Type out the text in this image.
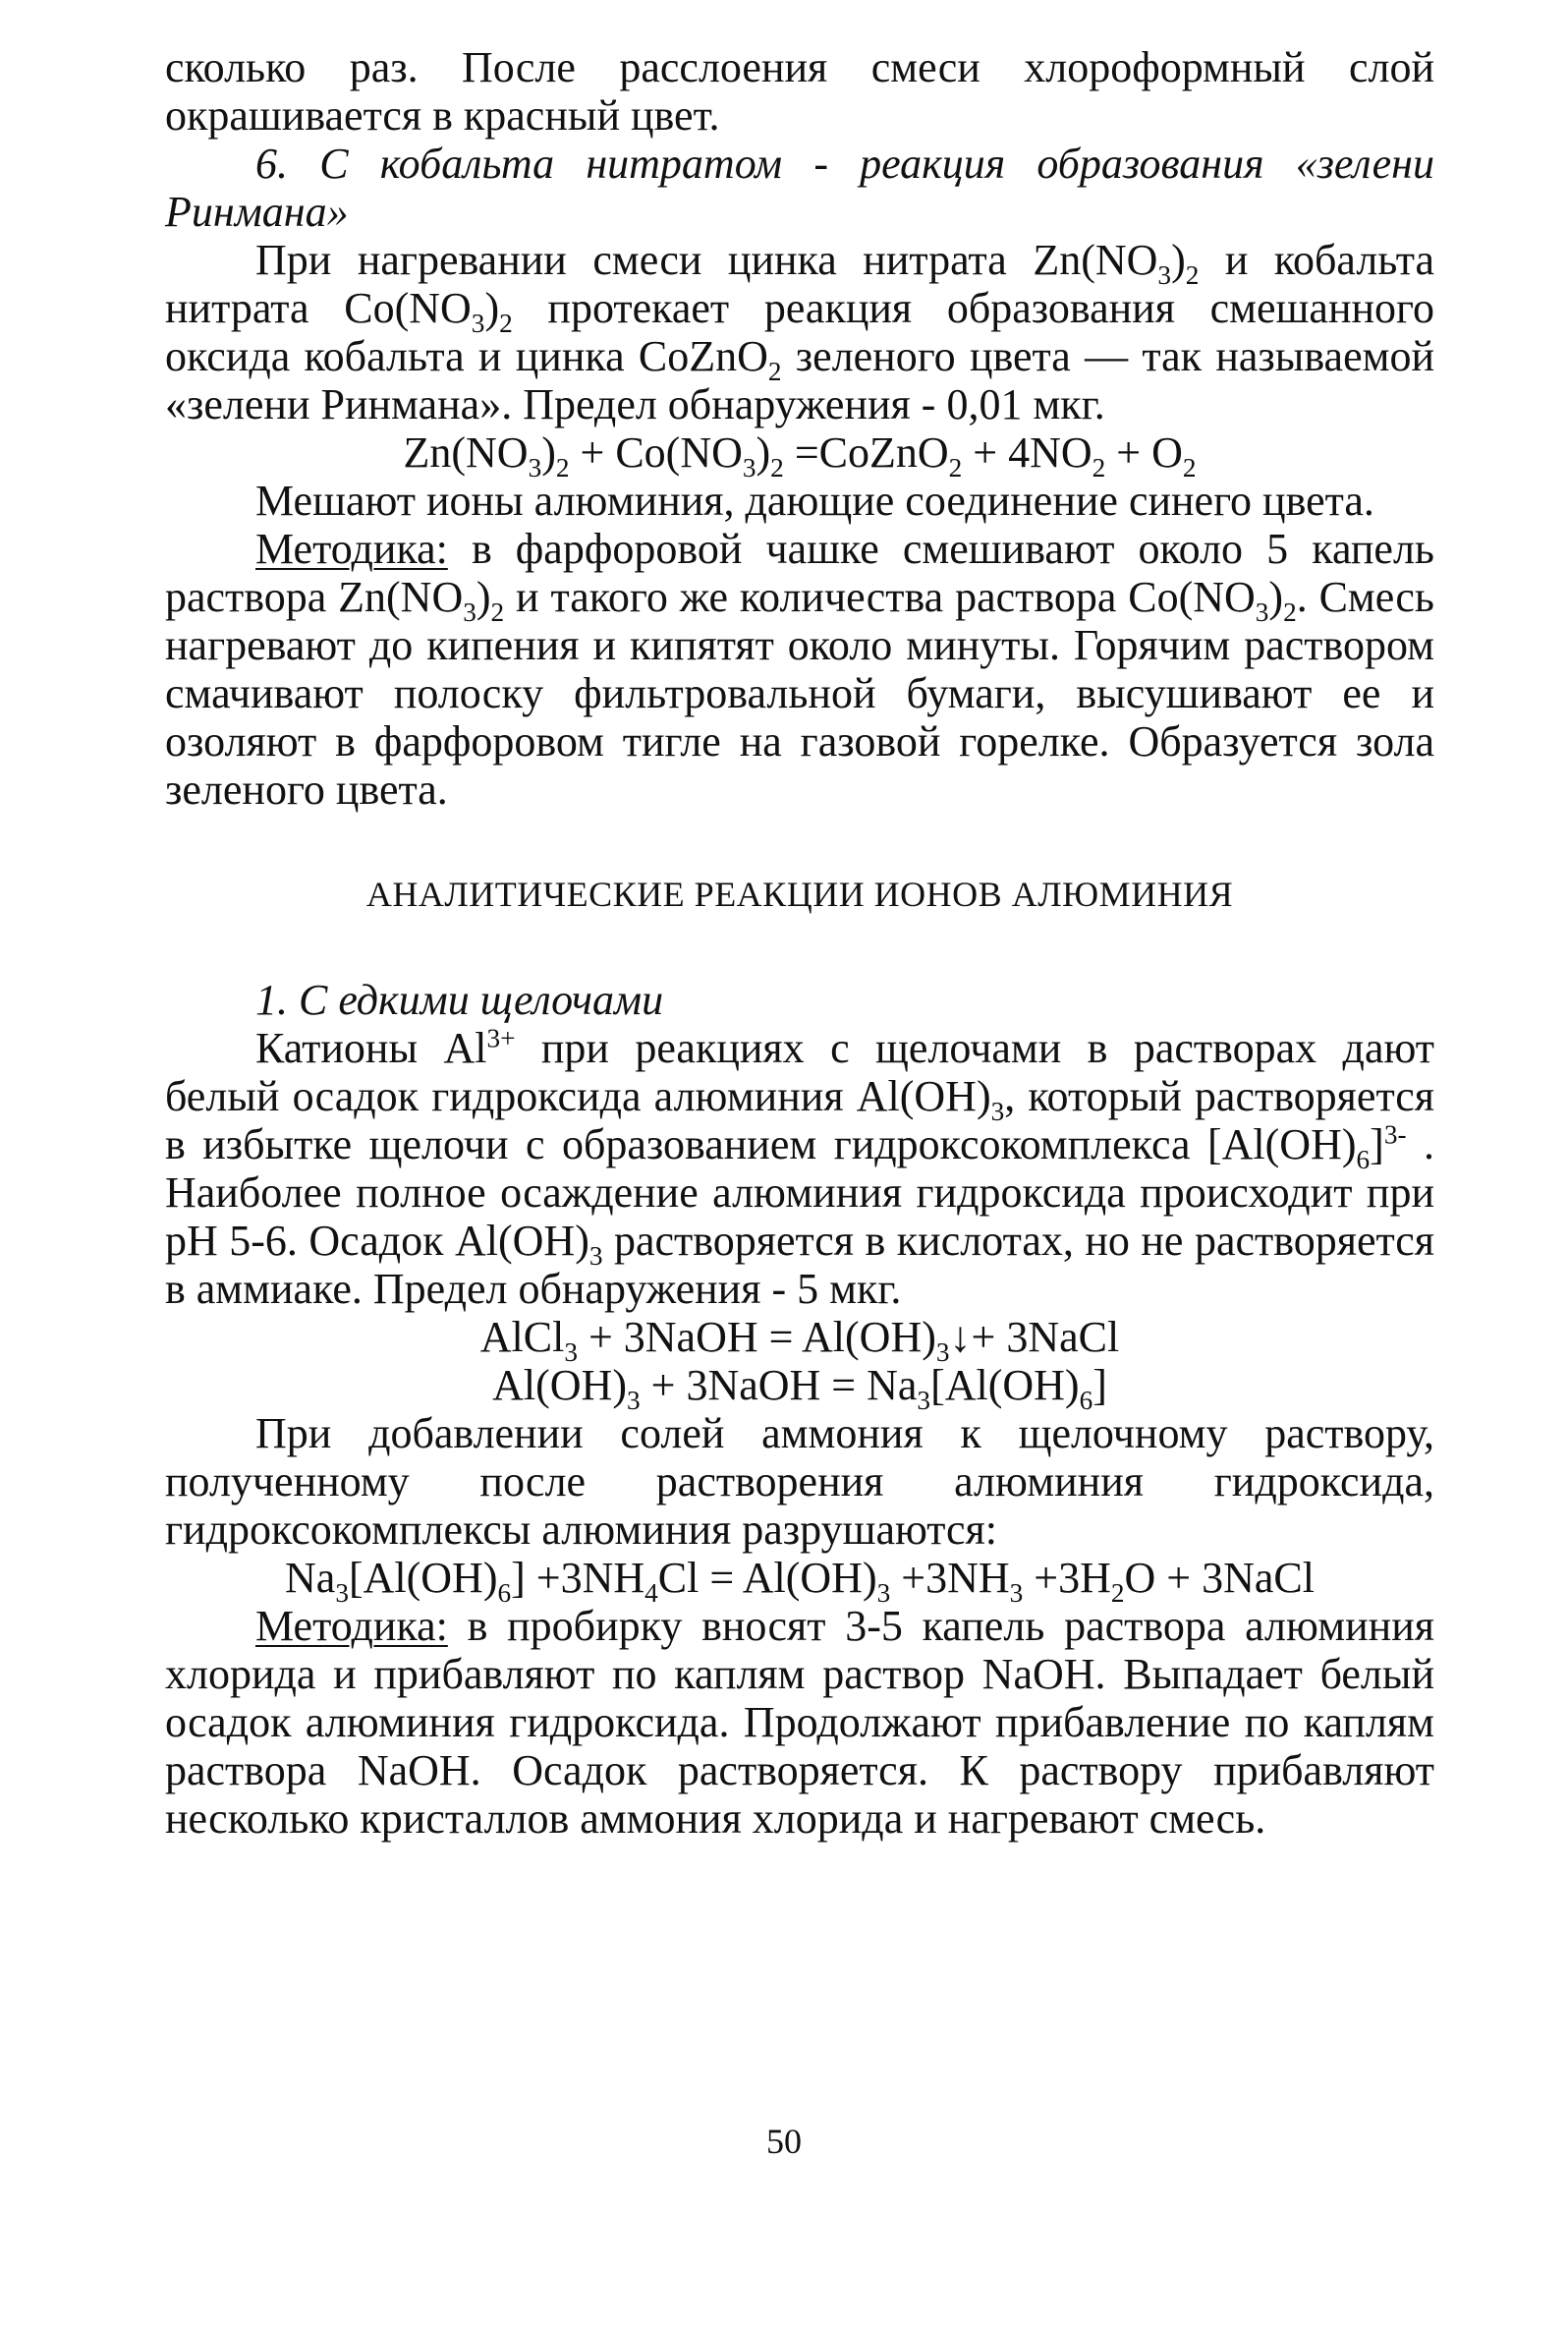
сколько раз. После расслоения смеси хлороформный слой окрашивается в красный цвет.

6. С кобальта нитратом - реакция образования «зелени Ринмана»

При нагревании смеси цинка нитрата $Zn(NO_3)_2$ и кобальта нитрата $Co(NO_3)_2$ протекает реакция образования смешанного оксида кобальта и цинка CoZnO$_2$ зеленого цвета — так называемой «зелени Ринмана». Предел обнаружения - 0,01 мкг.

$Zn(NO_3)_2 + Co(NO_3)_2$ =CoZnO$_2$ + $4NO_2 + O_2$

Мешают ионы алюминия, дающие соединение синего цвета.

Методика: в фарфоровой чашке смешивают около 5 капель раствора $Zn(NO_3)_2$ и такого же количества раствора $Co(NO_3)_2$. Смесь нагревают до кипения и кипятят около минуты. Горячим раствором смачивают полоску фильтровальной бумаги, высушивают ее и озоляют в фарфоровом тигле на газовой горелке. Образуется зола зеленого цвета.

АНАЛИТИЧЕСКИЕ РЕАКЦИИ ИОНОВ АЛЮМИНИЯ

1. С едкими щелочами

Катионы $Al^{3+}$ при реакциях с щелочами в растворах дают белый осадок гидроксида алюминия $Al(OH)_3$, который растворяется в избытке щелочи с образованием гидроксокомплекса $[Al(OH)_6]^{3-}$ . Наиболее полное осаждение алюминия гидроксида происходит при pH 5-6. Осадок $Al(OH)_3$ растворяется в кислотах, но не растворяется в аммиаке. Предел обнаружения - 5 мкг.

AlCl$_3$ + 3NaOH = $Al(OH)_3↓+$ 3NaCl

$Al(OH)_3$ + 3NaOH = $Na_3[Al(OH)_6]$

При добавлении солей аммония к щелочному раствору, полученному после растворения алюминия гидроксида, гидроксокомплексы алюминия разрушаются:

$Na_3[Al(OH)_6] +3NH_4Cl = Al(OH)_3 +3NH_3 +3H_2O$ + 3NaCl

Методика: в пробирку вносят 3-5 капель раствора алюминия хлорида и прибавляют по каплям раствор NaOH. Выпадает белый осадок алюминия гидроксида. Продолжают прибавление по каплям раствора NaOH. Осадок растворяется. К раствору прибавляют несколько кристаллов аммония хлорида и нагревают смесь.

50
